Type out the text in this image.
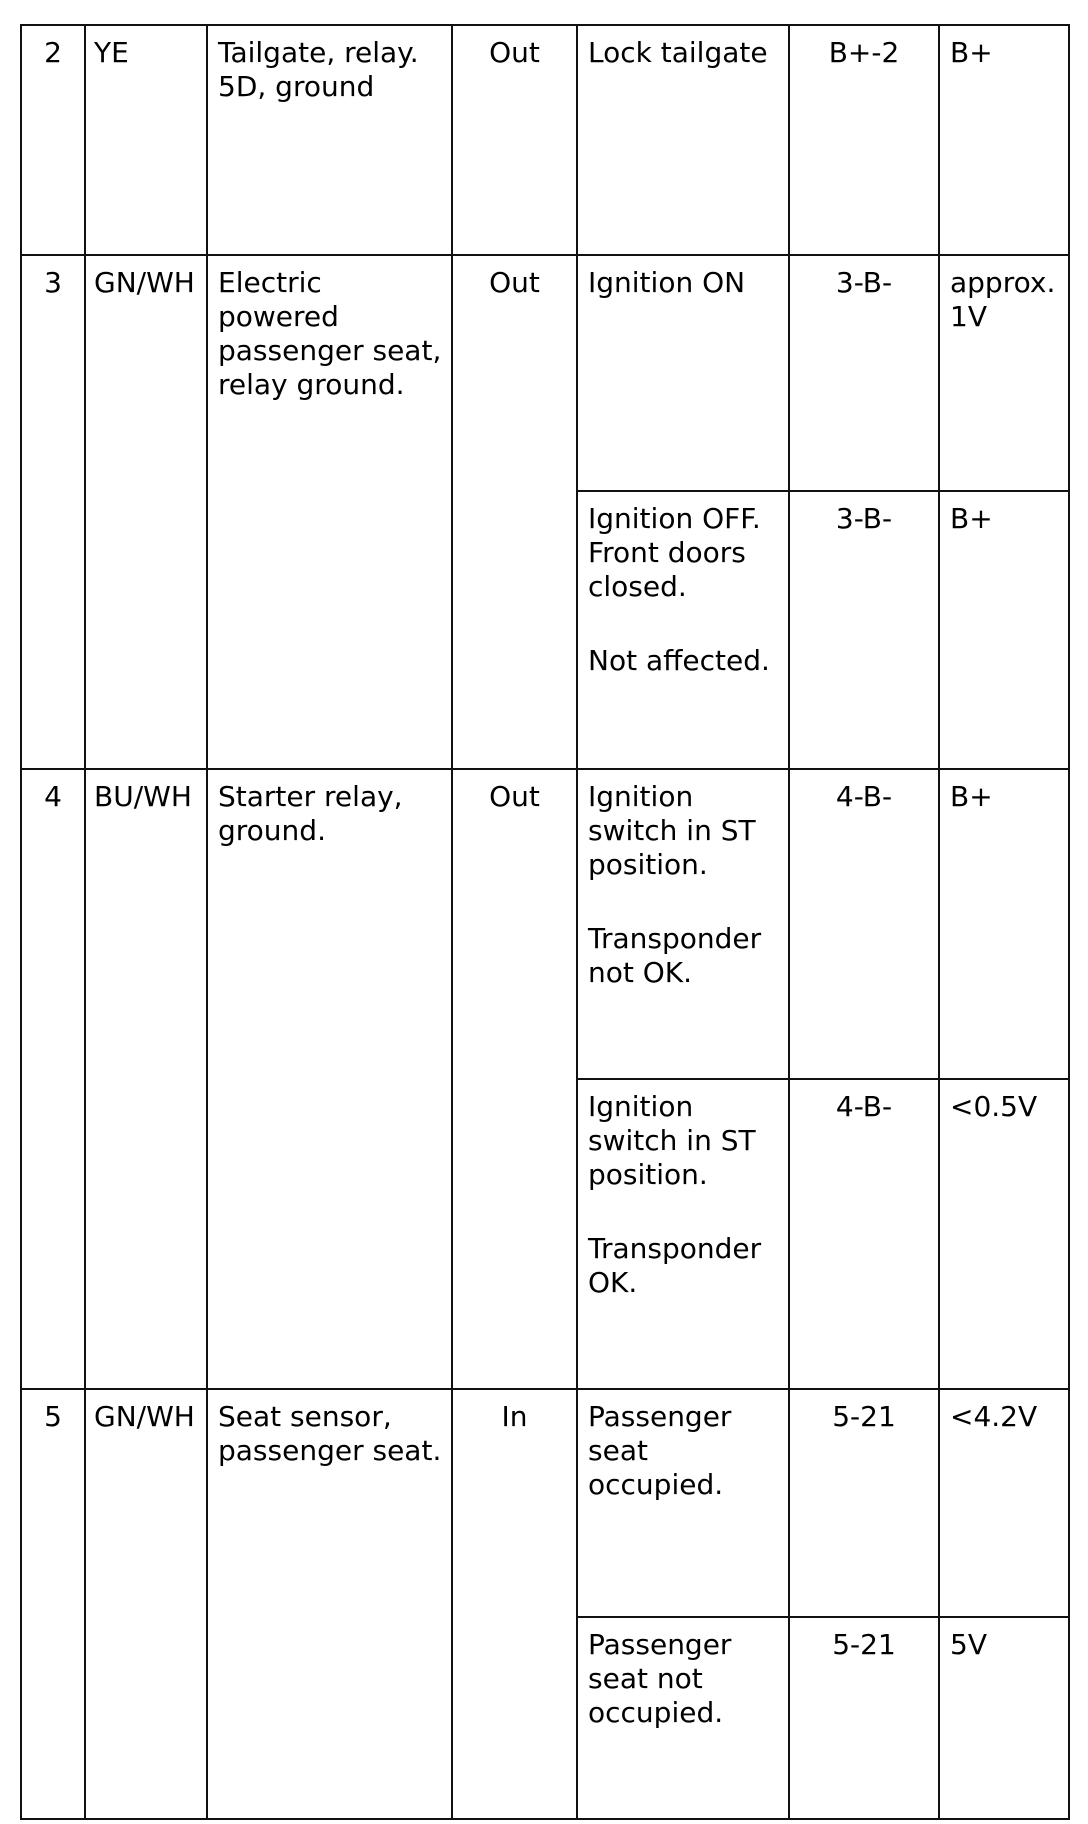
2	YE	Tailgate, relay.
5D, ground	Out	Lock tailgate	B+-2	B+

3	GN/WH	Electric
powered
passenger seat,
relay ground.	Out	Ignition ON	3-B-	approx.
1V

				Ignition OFF.
Front doors
closed.
Not affected.	3-B-	B+

4	BU/WH	Starter relay,
ground.	Out	Ignition
switch in ST
position.
Transponder
not OK.	4-B-	B+

				Ignition
switch in ST
position.
Transponder
OK.	4-B-	<0.5V

5	GN/WH	Seat sensor,
passenger seat.	In	Passenger
seat
occupied.	5-21	<4.2V

				Passenger
seat not
occupied.	5-21	5V
